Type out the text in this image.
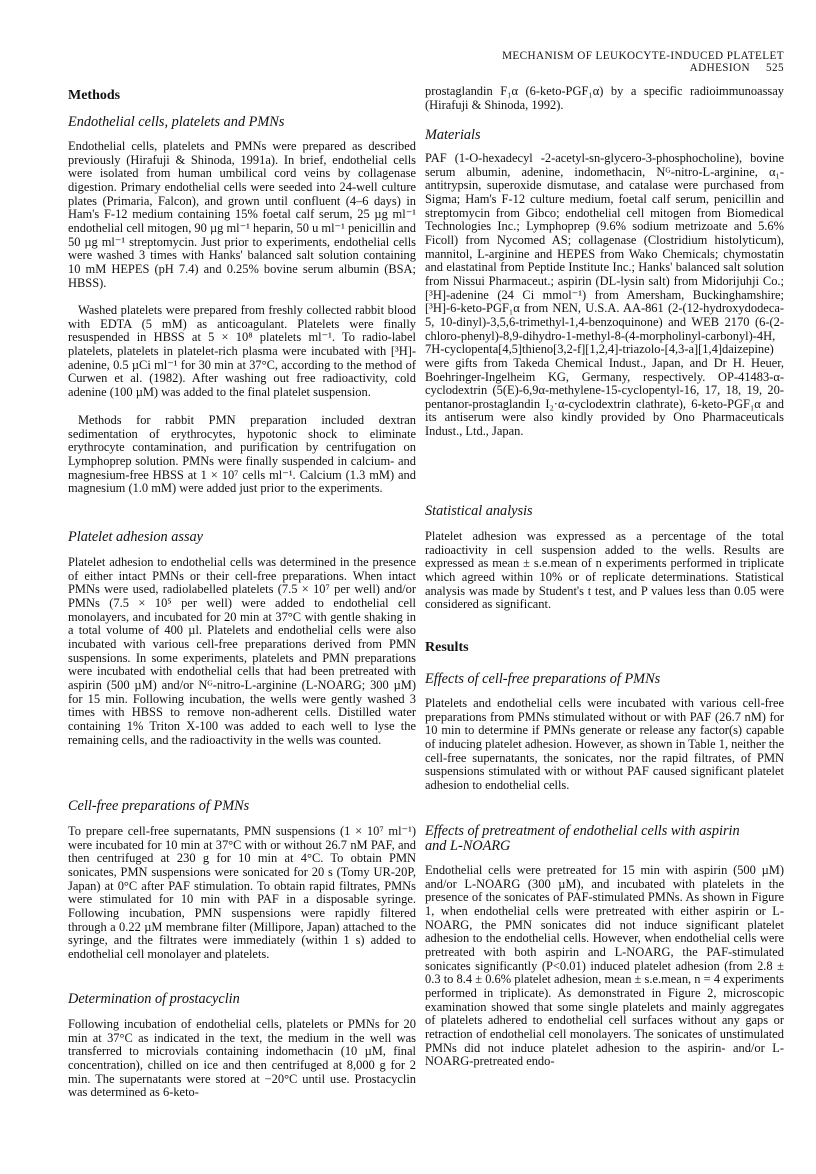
MECHANISM OF LEUKOCYTE-INDUCED PLATELET ADHESION 525
Methods
Endothelial cells, platelets and PMNs

Endothelial cells, platelets and PMNs were prepared as described previously (Hirafuji & Shinoda, 1991a). In brief, endothelial cells were isolated from human umbilical cord veins by collagenase digestion. Primary endothelial cells were seeded into 24-well culture plates (Primaria, Falcon), and grown until confluent (4–6 days) in Ham's F-12 medium containing 15% foetal calf serum, 25 µg ml⁻¹ endothelial cell mitogen, 90 µg ml⁻¹ heparin, 50 u ml⁻¹ penicillin and 50 µg ml⁻¹ streptomycin. Just prior to experiments, endothelial cells were washed 3 times with Hanks' balanced salt solution containing 10 mM HEPES (pH 7.4) and 0.25% bovine serum albumin (BSA; HBSS).

Washed platelets were prepared from freshly collected rabbit blood with EDTA (5 mM) as anticoagulant. Platelets were finally resuspended in HBSS at 5 × 10⁸ platelets ml⁻¹. To radio-label platelets, platelets in platelet-rich plasma were incubated with [³H]-adenine, 0.5 µCi ml⁻¹ for 30 min at 37°C, according to the method of Curwen et al. (1982). After washing out free radioactivity, cold adenine (100 µM) was added to the final platelet suspension.

Methods for rabbit PMN preparation included dextran sedimentation of erythrocytes, hypotonic shock to eliminate erythrocyte contamination, and purification by centrifugation on Lymphoprep solution. PMNs were finally suspended in calcium- and magnesium-free HBSS at 1 × 10⁷ cells ml⁻¹. Calcium (1.3 mM) and magnesium (1.0 mM) were added just prior to the experiments.

Platelet adhesion assay

Platelet adhesion to endothelial cells was determined in the presence of either intact PMNs or their cell-free preparations. When intact PMNs were used, radiolabelled platelets (7.5 × 10⁷ per well) and/or PMNs (7.5 × 10⁵ per well) were added to endothelial cell monolayers, and incubated for 20 min at 37°C with gentle shaking in a total volume of 400 µl. Platelets and endothelial cells were also incubated with various cell-free preparations derived from PMN suspensions. In some experiments, platelets and PMN preparations were incubated with endothelial cells that had been pretreated with aspirin (500 µM) and/or Nᴳ-nitro-L-arginine (L-NOARG; 300 µM) for 15 min. Following incubation, the wells were gently washed 3 times with HBSS to remove non-adherent cells. Distilled water containing 1% Triton X-100 was added to each well to lyse the remaining cells, and the radioactivity in the wells was counted.

Cell-free preparations of PMNs

To prepare cell-free supernatants, PMN suspensions (1 × 10⁷ ml⁻¹) were incubated for 10 min at 37°C with or without 26.7 nM PAF, and then centrifuged at 230 g for 10 min at 4°C. To obtain PMN sonicates, PMN suspensions were sonicated for 20 s (Tomy UR-20P, Japan) at 0°C after PAF stimulation. To obtain rapid filtrates, PMNs were stimulated for 10 min with PAF in a disposable syringe. Following incubation, PMN suspensions were rapidly filtered through a 0.22 µM membrane filter (Millipore, Japan) attached to the syringe, and the filtrates were immediately (within 1 s) added to endothelial cell monolayer and platelets.

Determination of prostacyclin

Following incubation of endothelial cells, platelets or PMNs for 20 min at 37°C as indicated in the text, the medium in the well was transferred to microvials containing indomethacin (10 µM, final concentration), chilled on ice and then centrifuged at 8,000 g for 2 min. The supernatants were stored at −20°C until use. Prostacyclin was determined as 6-keto-

prostaglandin F₁α (6-keto-PGF₁α) by a specific radioimmunoassay (Hirafuji & Shinoda, 1992).

Materials

PAF (1-O-hexadecyl -2-acetyl-sn-glycero-3-phosphocholine), bovine serum albumin, adenine, indomethacin, Nᴳ-nitro-L-arginine, α₁-antitrypsin, superoxide dismutase, and catalase were purchased from Sigma; Ham's F-12 culture medium, foetal calf serum, penicillin and streptomycin from Gibco; endothelial cell mitogen from Biomedical Technologies Inc.; Lymphoprep (9.6% sodium metrizoate and 5.6% Ficoll) from Nycomed AS; collagenase (Clostridium histolyticum), mannitol, L-arginine and HEPES from Wako Chemicals; chymostatin and elastatinal from Peptide Institute Inc.; Hanks' balanced salt solution from Nissui Pharmaceut.; aspirin (DL-lysin salt) from Midorijuhji Co.; [³H]-adenine (24 Ci mmol⁻¹) from Amersham, Buckinghamshire; [³H]-6-keto-PGF₁α from NEN, U.S.A. AA-861 (2-(12-hydroxydodeca-5, 10-dinyl)-3,5,6-trimethyl-1,4-benzoquinone) and WEB 2170 (6-(2-chloro-phenyl)-8,9-dihydro-1-methyl-8-(4-morpholinyl-carbonyl)-4H, 7H-cyclopenta[4,5]thieno[3,2-f][1,2,4]-triazolo-[4,3-a][1,4]daizepine) were gifts from Takeda Chemical Indust., Japan, and Dr H. Heuer, Boehringer-Ingelheim KG, Germany, respectively. OP-41483-α-cyclodextrin (5(E)-6,9α-methylene-15-cyclopentyl-16, 17, 18, 19, 20-pentanor-prostaglandin I₂·α-cyclodextrin clathrate), 6-keto-PGF₁α and its antiserum were also kindly provided by Ono Pharmaceuticals Indust., Ltd., Japan.

Statistical analysis

Platelet adhesion was expressed as a percentage of the total radioactivity in cell suspension added to the wells. Results are expressed as mean ± s.e.mean of n experiments performed in triplicate which agreed within 10% or of replicate determinations. Statistical analysis was made by Student's t test, and P values less than 0.05 were considered as significant.

Results
Effects of cell-free preparations of PMNs

Platelets and endothelial cells were incubated with various cell-free preparations from PMNs stimulated without or with PAF (26.7 nM) for 10 min to determine if PMNs generate or release any factor(s) capable of inducing platelet adhesion. However, as shown in Table 1, neither the cell-free supernatants, the sonicates, nor the rapid filtrates, of PMN suspensions stimulated with or without PAF caused significant platelet adhesion to endothelial cells.

Effects of pretreatment of endothelial cells with aspirin and L-NOARG

Endothelial cells were pretreated for 15 min with aspirin (500 µM) and/or L-NOARG (300 µM), and incubated with platelets in the presence of the sonicates of PAF-stimulated PMNs. As shown in Figure 1, when endothelial cells were pretreated with either aspirin or L-NOARG, the PMN sonicates did not induce significant platelet adhesion to the endothelial cells. However, when endothelial cells were pretreated with both aspirin and L-NOARG, the PAF-stimulated sonicates significantly (P<0.01) induced platelet adhesion (from 2.8 ± 0.3 to 8.4 ± 0.6% platelet adhesion, mean ± s.e.mean, n = 4 experiments performed in triplicate). As demonstrated in Figure 2, microscopic examination showed that some single platelets and mainly aggregates of platelets adhered to endothelial cell surfaces without any gaps or retraction of endothelial cell monolayers. The sonicates of unstimulated PMNs did not induce platelet adhesion to the aspirin- and/or L-NOARG-pretreated endo-
